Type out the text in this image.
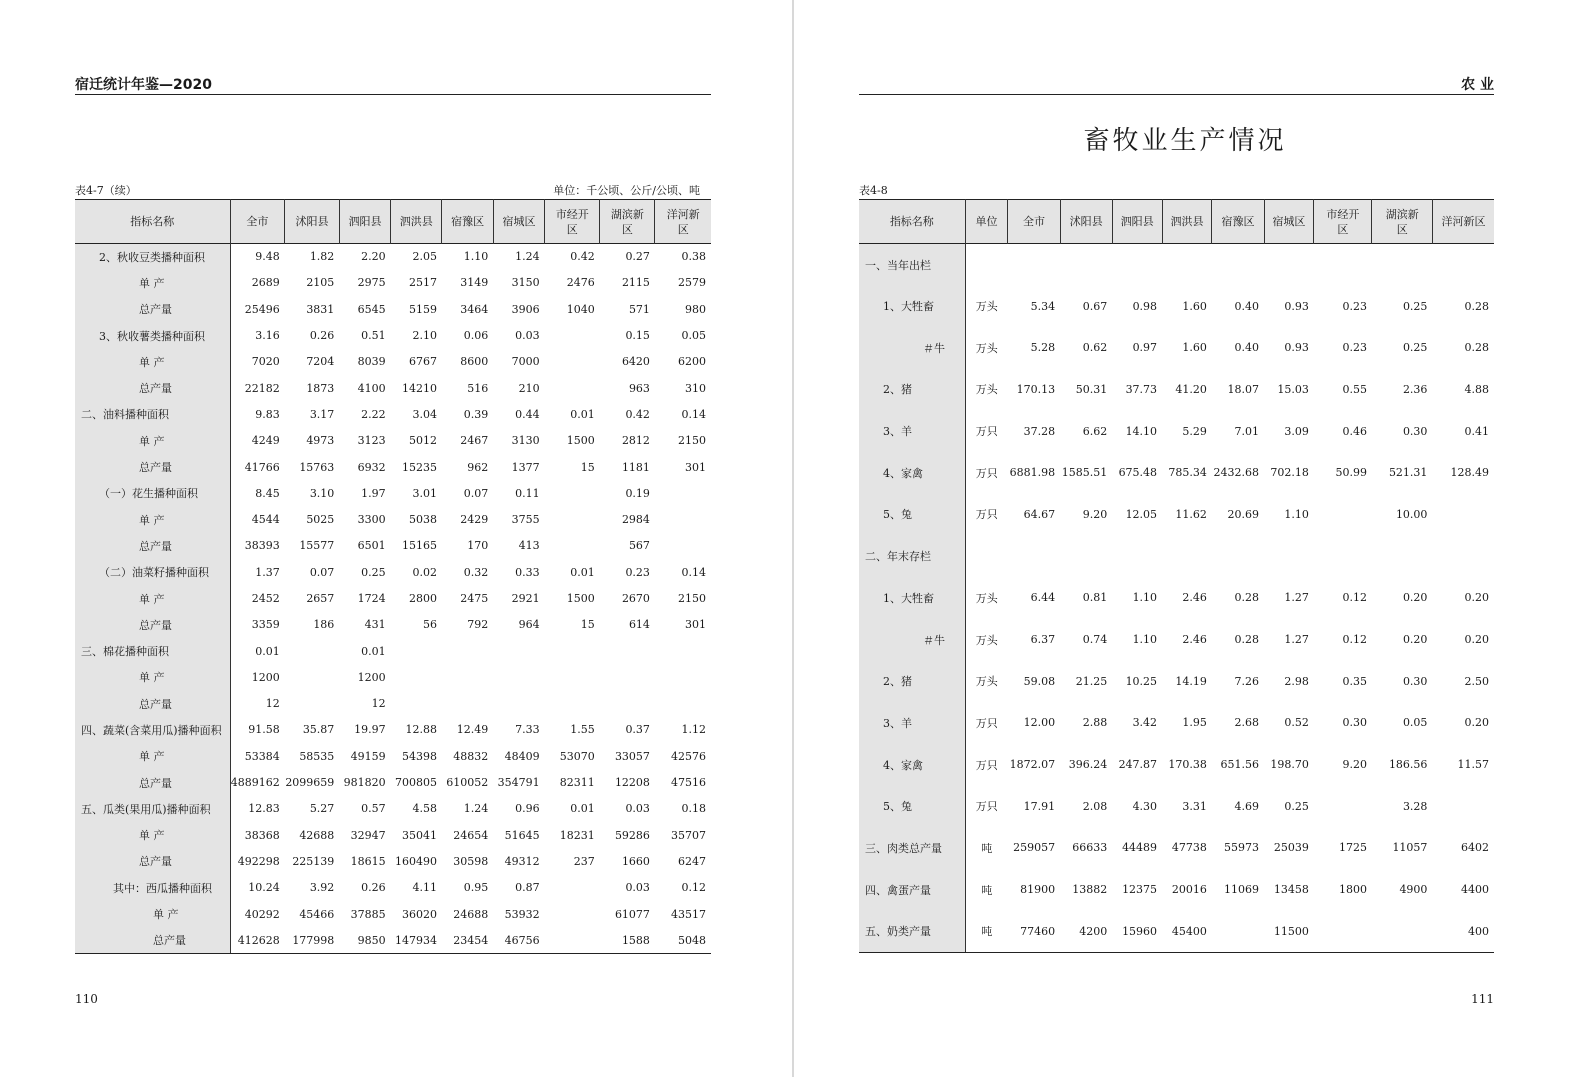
宿迁统计年鉴—2020
表4-7（续）	单位：千公顷、公斤/公顷、吨
指标名称	全市	沭阳县	泗阳县	泗洪县	宿豫区	宿城区	市经开区	湖滨新区	洋河新区
2、秋收豆类播种面积	9.48	1.82	2.20	2.05	1.10	1.24	0.42	0.27	0.38
单 产	2689	2105	2975	2517	3149	3150	2476	2115	2579
总产量	25496	3831	6545	5159	3464	3906	1040	571	980
3、秋收薯类播种面积	3.16	0.26	0.51	2.10	0.06	0.03		0.15	0.05
单 产	7020	7204	8039	6767	8600	7000		6420	6200
总产量	22182	1873	4100	14210	516	210		963	310
二、油料播种面积	9.83	3.17	2.22	3.04	0.39	0.44	0.01	0.42	0.14
单 产	4249	4973	3123	5012	2467	3130	1500	2812	2150
总产量	41766	15763	6932	15235	962	1377	15	1181	301
（一）花生播种面积	8.45	3.10	1.97	3.01	0.07	0.11		0.19	
单 产	4544	5025	3300	5038	2429	3755		2984	
总产量	38393	15577	6501	15165	170	413		567	
（二）油菜籽播种面积	1.37	0.07	0.25	0.02	0.32	0.33	0.01	0.23	0.14
单 产	2452	2657	1724	2800	2475	2921	1500	2670	2150
总产量	3359	186	431	56	792	964	15	614	301
三、棉花播种面积	0.01		0.01						
单 产	1200		1200						
总产量	12		12						
四、蔬菜(含菜用瓜)播种面积	91.58	35.87	19.97	12.88	12.49	7.33	1.55	0.37	1.12
单 产	53384	58535	49159	54398	48832	48409	53070	33057	42576
总产量	4889162	2099659	981820	700805	610052	354791	82311	12208	47516
五、瓜类(果用瓜)播种面积	12.83	5.27	0.57	4.58	1.24	0.96	0.01	0.03	0.18
单 产	38368	42688	32947	35041	24654	51645	18231	59286	35707
总产量	492298	225139	18615	160490	30598	49312	237	1660	6247
其中：西瓜播种面积	10.24	3.92	0.26	4.11	0.95	0.87		0.03	0.12
单 产	40292	45466	37885	36020	24688	53932		61077	43517
总产量	412628	177998	9850	147934	23454	46756		1588	5048
110
农 业
畜牧业生产情况
表4-8
指标名称	单位	全市	沭阳县	泗阳县	泗洪县	宿豫区	宿城区	市经开区	湖滨新区	洋河新区
一、当年出栏										
1、大牲畜	万头	5.34	0.67	0.98	1.60	0.40	0.93	0.23	0.25	0.28
＃牛	万头	5.28	0.62	0.97	1.60	0.40	0.93	0.23	0.25	0.28
2、猪	万头	170.13	50.31	37.73	41.20	18.07	15.03	0.55	2.36	4.88
3、羊	万只	37.28	6.62	14.10	5.29	7.01	3.09	0.46	0.30	0.41
4、家禽	万只	6881.98	1585.51	675.48	785.34	2432.68	702.18	50.99	521.31	128.49
5、兔	万只	64.67	9.20	12.05	11.62	20.69	1.10		10.00	
二、年末存栏										
1、大牲畜	万头	6.44	0.81	1.10	2.46	0.28	1.27	0.12	0.20	0.20
＃牛	万头	6.37	0.74	1.10	2.46	0.28	1.27	0.12	0.20	0.20
2、猪	万头	59.08	21.25	10.25	14.19	7.26	2.98	0.35	0.30	2.50
3、羊	万只	12.00	2.88	3.42	1.95	2.68	0.52	0.30	0.05	0.20
4、家禽	万只	1872.07	396.24	247.87	170.38	651.56	198.70	9.20	186.56	11.57
5、兔	万只	17.91	2.08	4.30	3.31	4.69	0.25		3.28	
三、肉类总产量	吨	259057	66633	44489	47738	55973	25039	1725	11057	6402
四、禽蛋产量	吨	81900	13882	12375	20016	11069	13458	1800	4900	4400
五、奶类产量	吨	77460	4200	15960	45400		11500			400
111
